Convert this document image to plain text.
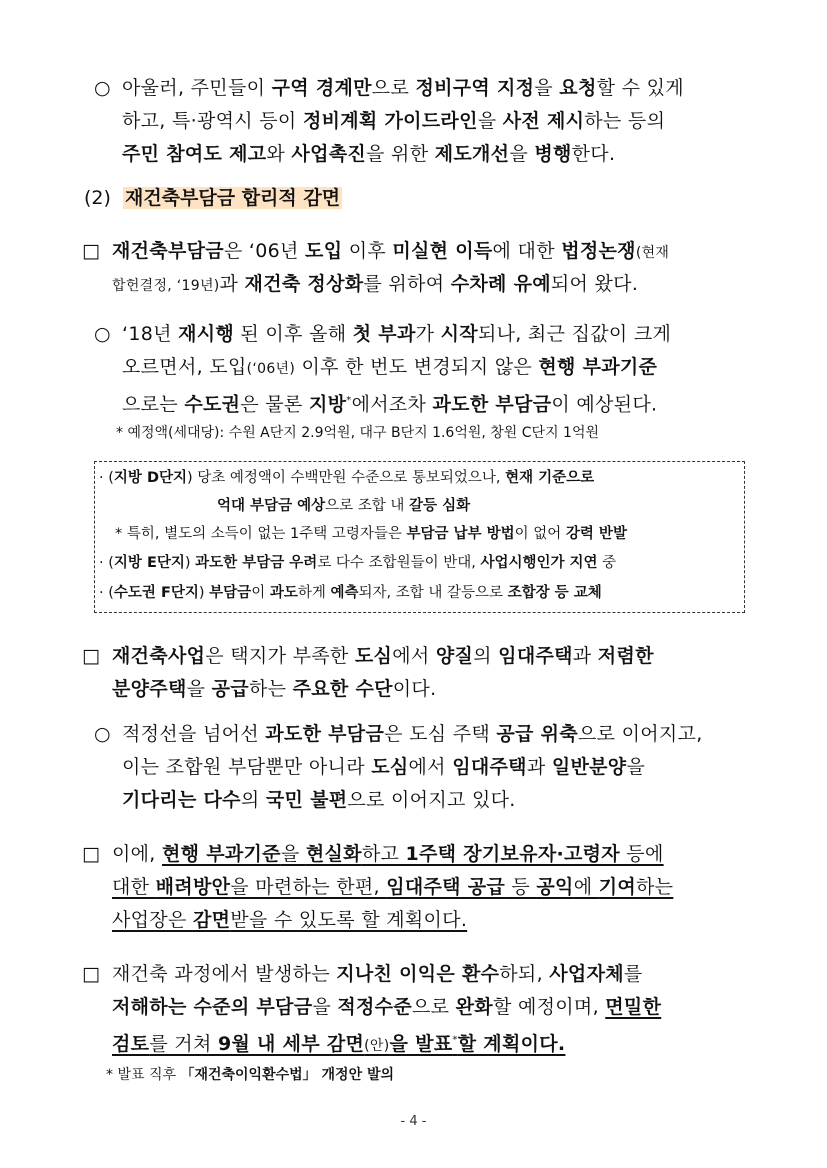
○ 아울러, 주민들이 구역 경계만으로 정비구역 지정을 요청할 수 있게
하고, 특·광역시 등이 정비계획 가이드라인을 사전 제시하는 등의
주민 참여도 제고와 사업촉진을 위한 제도개선을 병행한다.
(2) 재건축부담금 합리적 감면
□ 재건축부담금은 ‘06년 도입 이후 미실현 이득에 대한 법정논쟁(현재
합헌결정, ‘19년)과 재건축 정상화를 위하여 수차례 유예되어 왔다.
○ ‘18년 재시행 된 이후 올해 첫 부과가 시작되나, 최근 집값이 크게
오르면서, 도입(‘06년) 이후 한 번도 변경되지 않은 현행 부과기준
으로는 수도권은 물론 지방*에서조차 과도한 부담금이 예상된다.
* 예정액(세대당): 수원 A단지 2.9억원, 대구 B단지 1.6억원, 창원 C단지 1억원
· (지방 D단지) 당초 예정액이 수백만원 수준으로 통보되었으나, 현재 기준으로
억대 부담금 예상으로 조합 내 갈등 심화
* 특히, 별도의 소득이 없는 1주택 고령자들은 부담금 납부 방법이 없어 강력 반발
· (지방 E단지) 과도한 부담금 우려로 다수 조합원들이 반대, 사업시행인가 지연 중
· (수도권 F단지) 부담금이 과도하게 예측되자, 조합 내 갈등으로 조합장 등 교체
□ 재건축사업은 택지가 부족한 도심에서 양질의 임대주택과 저렴한
분양주택을 공급하는 주요한 수단이다.
○ 적정선을 넘어선 과도한 부담금은 도심 주택 공급 위축으로 이어지고,
이는 조합원 부담뿐만 아니라 도심에서 임대주택과 일반분양을
기다리는 다수의 국민 불편으로 이어지고 있다.
□ 이에, 현행 부과기준을 현실화하고 1주택 장기보유자·고령자 등에
대한 배려방안을 마련하는 한편, 임대주택 공급 등 공익에 기여하는
사업장은 감면받을 수 있도록 할 계획이다.
□ 재건축 과정에서 발생하는 지나친 이익은 환수하되, 사업자체를
저해하는 수준의 부담금을 적정수준으로 완화할 예정이며, 면밀한
검토를 거쳐 9월 내 세부 감면(안)을 발표*할 계획이다.
* 발표 직후 「재건축이익환수법」 개정안 발의
- 4 -
